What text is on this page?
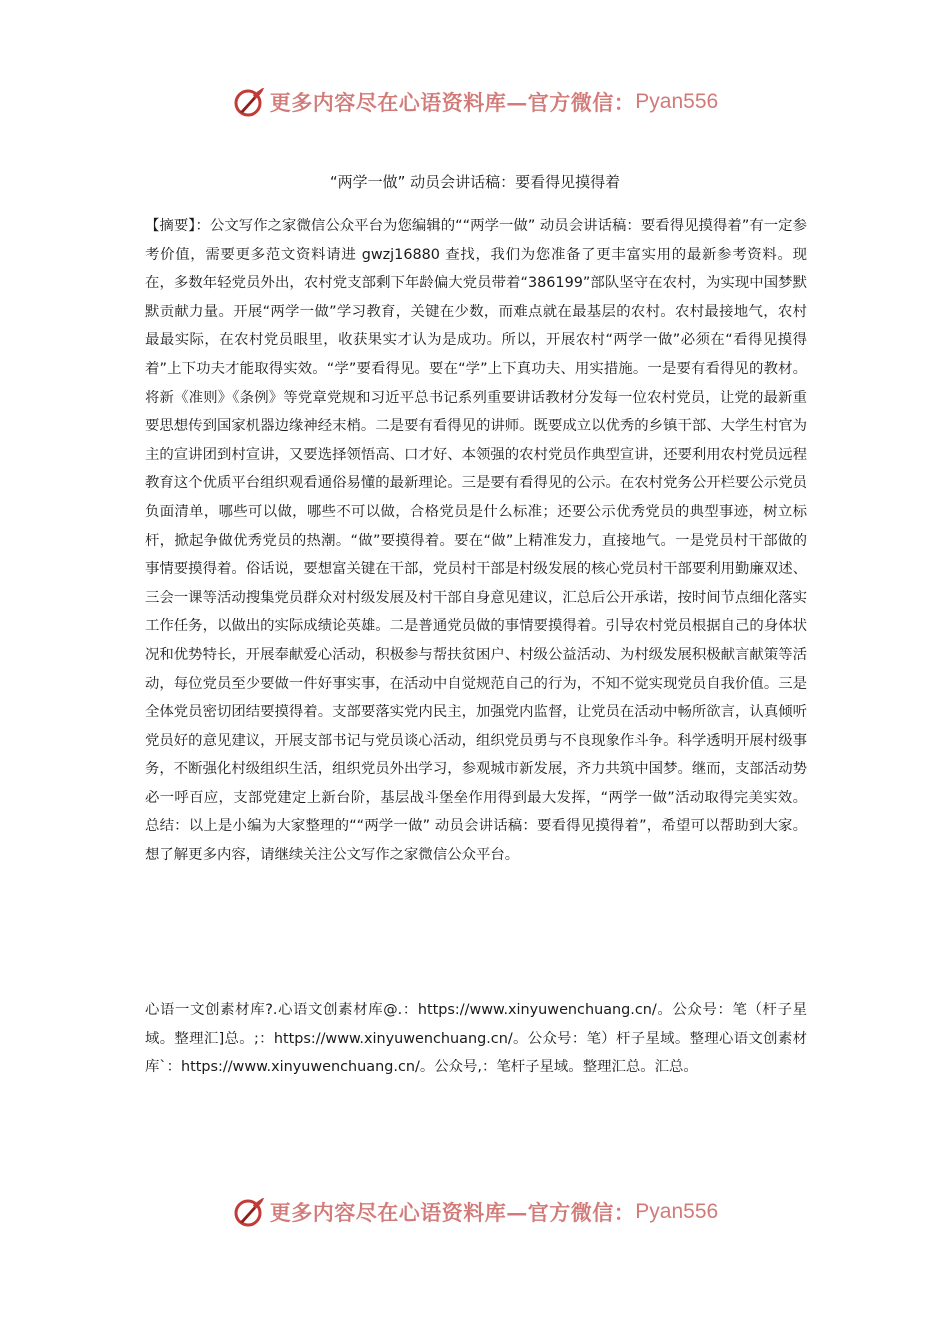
更多内容尽在心语资料库—官方微信： Pyan556
“两学一做” 动员会讲话稿：要看得见摸得着
【摘要】：公文写作之家微信公众平台为您编辑的““两学一做” 动员会讲话稿：要看得见摸得着”有一定参考价值，需要更多范文资料请进 gwzj16880 查找，我们为您准备了更丰富实用的最新参考资料。现在，多数年轻党员外出，农村党支部剩下年龄偏大党员带着“386199”部队坚守在农村，为实现中国梦默默贡献力量。开展“两学一做”学习教育，关键在少数，而难点就在最基层的农村。农村最接地气，农村最最实际，在农村党员眼里，收获果实才认为是成功。所以，开展农村“两学一做”必须在“看得见摸得着”上下功夫才能取得实效。“学”要看得见。要在“学”上下真功夫、用实措施。一是要有看得见的教材。将新《准则》《条例》等党章党规和习近平总书记系列重要讲话教材分发每一位农村党员，让党的最新重要思想传到国家机器边缘神经末梢。二是要有看得见的讲师。既要成立以优秀的乡镇干部、大学生村官为主的宣讲团到村宣讲，又要选择领悟高、口才好、本领强的农村党员作典型宣讲，还要利用农村党员远程教育这个优质平台组织观看通俗易懂的最新理论。三是要有看得见的公示。在农村党务公开栏要公示党员负面清单，哪些可以做，哪些不可以做，合格党员是什么标准；还要公示优秀党员的典型事迹，树立标杆，掀起争做优秀党员的热潮。“做”要摸得着。要在“做”上精准发力，直接地气。一是党员村干部做的事情要摸得着。俗话说，要想富关键在干部，党员村干部是村级发展的核心党员村干部要利用勤廉双述、三会一课等活动搜集党员群众对村级发展及村干部自身意见建议，汇总后公开承诺，按时间节点细化落实工作任务，以做出的实际成绩论英雄。二是普通党员做的事情要摸得着。引导农村党员根据自己的身体状况和优势特长，开展奉献爱心活动，积极参与帮扶贫困户、村级公益活动、为村级发展积极献言献策等活动，每位党员至少要做一件好事实事，在活动中自觉规范自己的行为，不知不觉实现党员自我价值。三是全体党员密切团结要摸得着。支部要落实党内民主，加强党内监督，让党员在活动中畅所欲言，认真倾听党员好的意见建议，开展支部书记与党员谈心活动，组织党员勇与不良现象作斗争。科学透明开展村级事务，不断强化村级组织生活，组织党员外出学习，参观城市新发展，齐力共筑中国梦。继而，支部活动势必一呼百应，支部党建定上新台阶，基层战斗堡垒作用得到最大发挥，“两学一做”活动取得完美实效。 总结：以上是小编为大家整理的““两学一做” 动员会讲话稿：要看得见摸得着”，希望可以帮助到大家。想了解更多内容，请继续关注公文写作之家微信公众平台。
心语一文创素材库?.心语文创素材库@.：https://www.xinyuwenchuang.cn/。公众号：笔（杆子星域。整理汇]总。;：https://www.xinyuwenchuang.cn/。公众号：笔）杆子星域。整理心语文创素材库`：https://www.xinyuwenchuang.cn/。公众号,：笔杆子星域。整理汇总。汇总。
更多内容尽在心语资料库—官方微信： Pyan556
